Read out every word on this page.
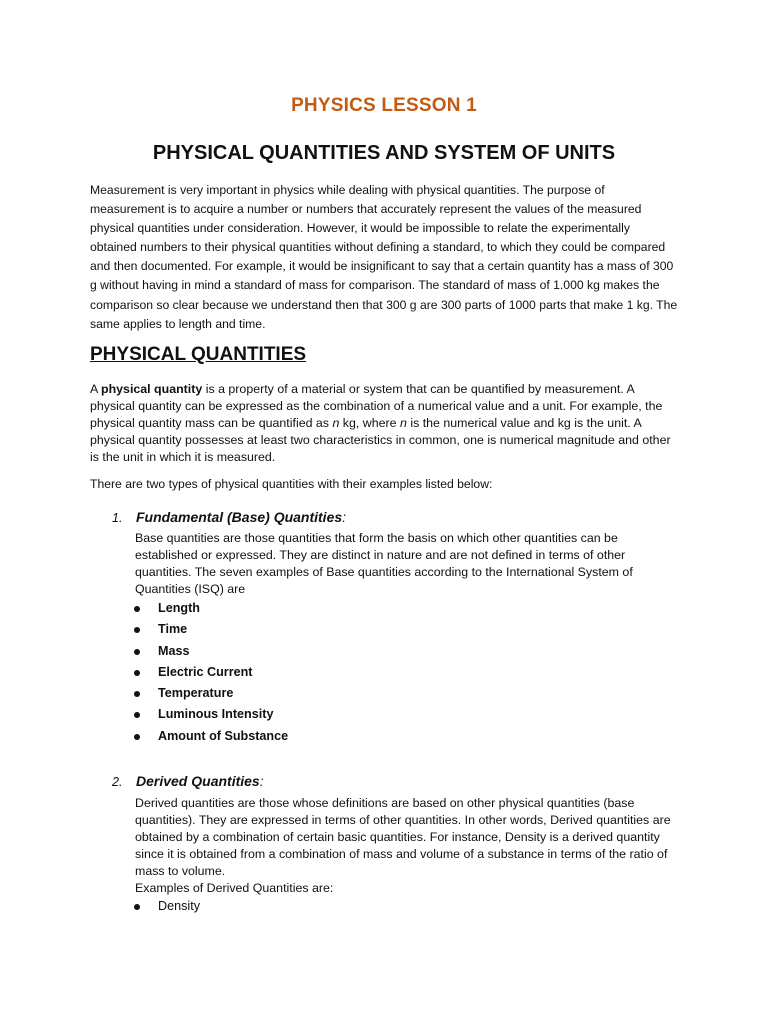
PHYSICS LESSON 1
PHYSICAL QUANTITIES AND SYSTEM OF UNITS

Measurement is very important in physics while dealing with physical quantities. The purpose of measurement is to acquire a number or numbers that accurately represent the values of the measured physical quantities under consideration. However, it would be impossible to relate the experimentally obtained numbers to their physical quantities without defining a standard, to which they could be compared and then documented. For example, it would be insignificant to say that a certain quantity has a mass of 300 g without having in mind a standard of mass for comparison. The standard of mass of 1.000 kg makes the comparison so clear because we understand then that 300 g are 300 parts of 1000 parts that make 1 kg. The same applies to length and time.

PHYSICAL QUANTITIES

A physical quantity is a property of a material or system that can be quantified by measurement. A physical quantity can be expressed as the combination of a numerical value and a unit. For example, the physical quantity mass can be quantified as n kg, where n is the numerical value and kg is the unit. A physical quantity possesses at least two characteristics in common, one is numerical magnitude and other is the unit in which it is measured.

There are two types of physical quantities with their examples listed below:

1. Fundamental (Base) Quantities:

Base quantities are those quantities that form the basis on which other quantities can be established or expressed. They are distinct in nature and are not defined in terms of other quantities. The seven examples of Base quantities according to the International System of Quantities (ISQ) are

Length
Time
Mass
Electric Current
Temperature
Luminous Intensity
Amount of Substance
2. Derived Quantities:

Derived quantities are those whose definitions are based on other physical quantities (base quantities). They are expressed in terms of other quantities. In other words, Derived quantities are obtained by a combination of certain basic quantities. For instance, Density is a derived quantity since it is obtained from a combination of mass and volume of a substance in terms of the ratio of mass to volume.
Examples of Derived Quantities are:

Density
